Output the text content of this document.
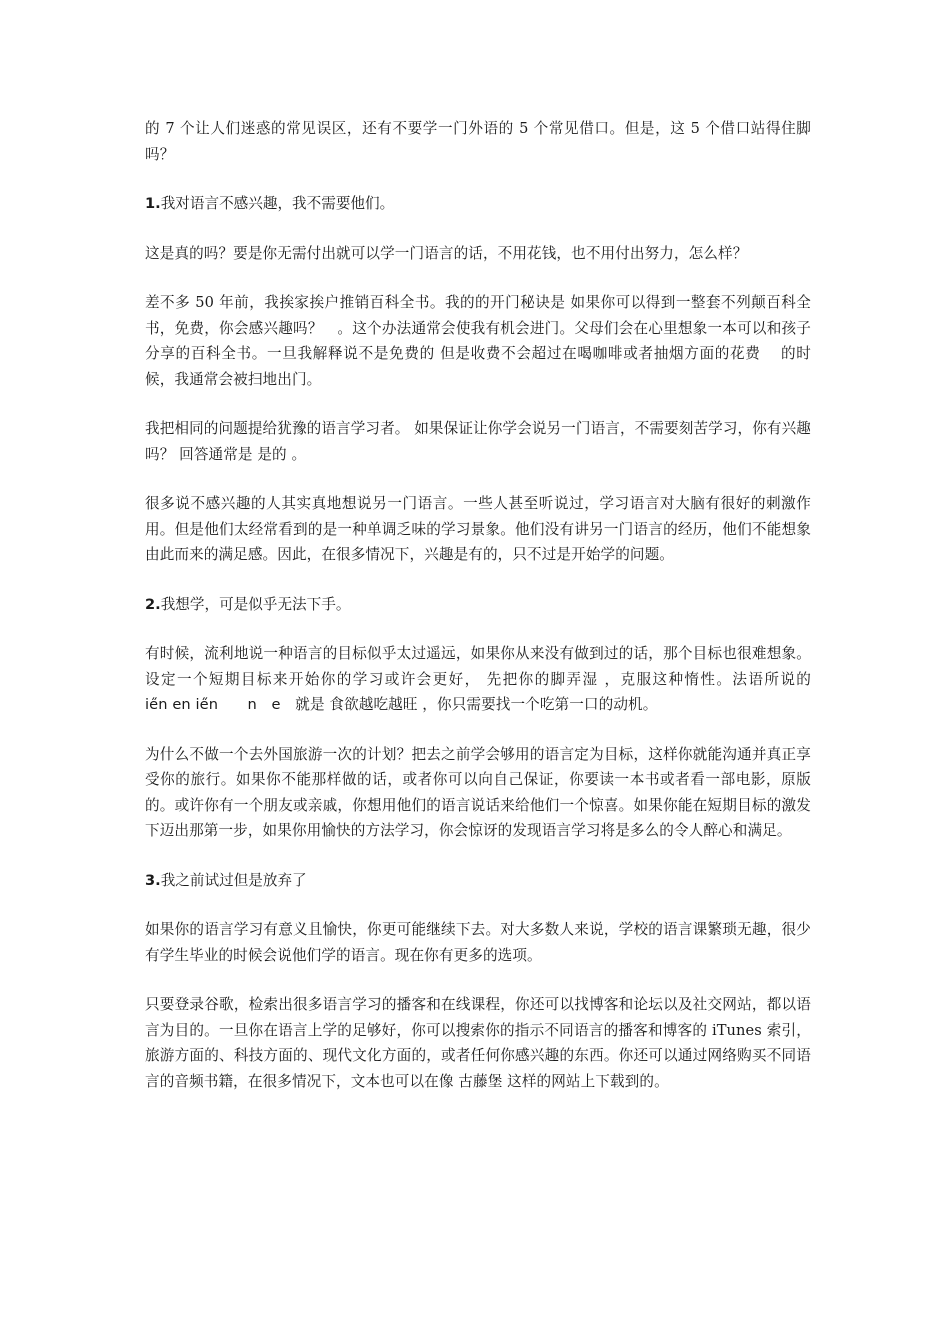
的 7 个让人们迷惑的常见误区，还有不要学一门外语的 5 个常见借口。但是，这 5 个借口站得住脚吗？

1.我对语言不感兴趣，我不需要他们。

这是真的吗？要是你无需付出就可以学一门语言的话，不用花钱，也不用付出努力，怎么样？

差不多 50 年前，我挨家挨户推销百科全书。我的的开门秘诀是 如果你可以得到一整套不列颠百科全书，免费，你会感兴趣吗？　。这个办法通常会使我有机会进门。父母们会在心里想象一本可以和孩子分享的百科全书。一旦我解释说不是免费的 但是收费不会超过在喝咖啡或者抽烟方面的花费　 的时候，我通常会被扫地出门。

我把相同的问题提给犹豫的语言学习者。 如果保证让你学会说另一门语言，不需要刻苦学习，你有兴趣吗？ 回答通常是 是的 。

很多说不感兴趣的人其实真地想说另一门语言。一些人甚至听说过，学习语言对大脑有很好的刺激作用。但是他们太经常看到的是一种单调乏味的学习景象。他们没有讲另一门语言的经历，他们不能想象由此而来的满足感。因此，在很多情况下，兴趣是有的，只不过是开始学的问题。

2.我想学，可是似乎无法下手。

有时候，流利地说一种语言的目标似乎太过遥远，如果你从来没有做到过的话，那个目标也很难想象。设定一个短期目标来开始你的学习或许会更好， 先把你的脚弄湿 ，克服这种惰性。法语所说的　　　　　　　ie̋n en ie̋n　　n　e　就是 食欲越吃越旺 ，你只需要找一个吃第一口的动机。

为什么不做一个去外国旅游一次的计划？把去之前学会够用的语言定为目标，这样你就能沟通并真正享受你的旅行。如果你不能那样做的话，或者你可以向自己保证，你要读一本书或者看一部电影，原版的。或许你有一个朋友或亲戚，你想用他们的语言说话来给他们一个惊喜。如果你能在短期目标的激发下迈出那第一步，如果你用愉快的方法学习，你会惊讶的发现语言学习将是多么的令人醉心和满足。

3.我之前试过但是放弃了

如果你的语言学习有意义且愉快，你更可能继续下去。对大多数人来说，学校的语言课繁琐无趣，很少有学生毕业的时候会说他们学的语言。现在你有更多的选项。

只要登录谷歌，检索出很多语言学习的播客和在线课程，你还可以找博客和论坛以及社交网站，都以语言为目的。一旦你在语言上学的足够好，你可以搜索你的指示不同语言的播客和博客的 iTunes 索引，旅游方面的、科技方面的、现代文化方面的，或者任何你感兴趣的东西。你还可以通过网络购买不同语言的音频书籍，在很多情况下，文本也可以在像 古藤堡 这样的网站上下载到的。
